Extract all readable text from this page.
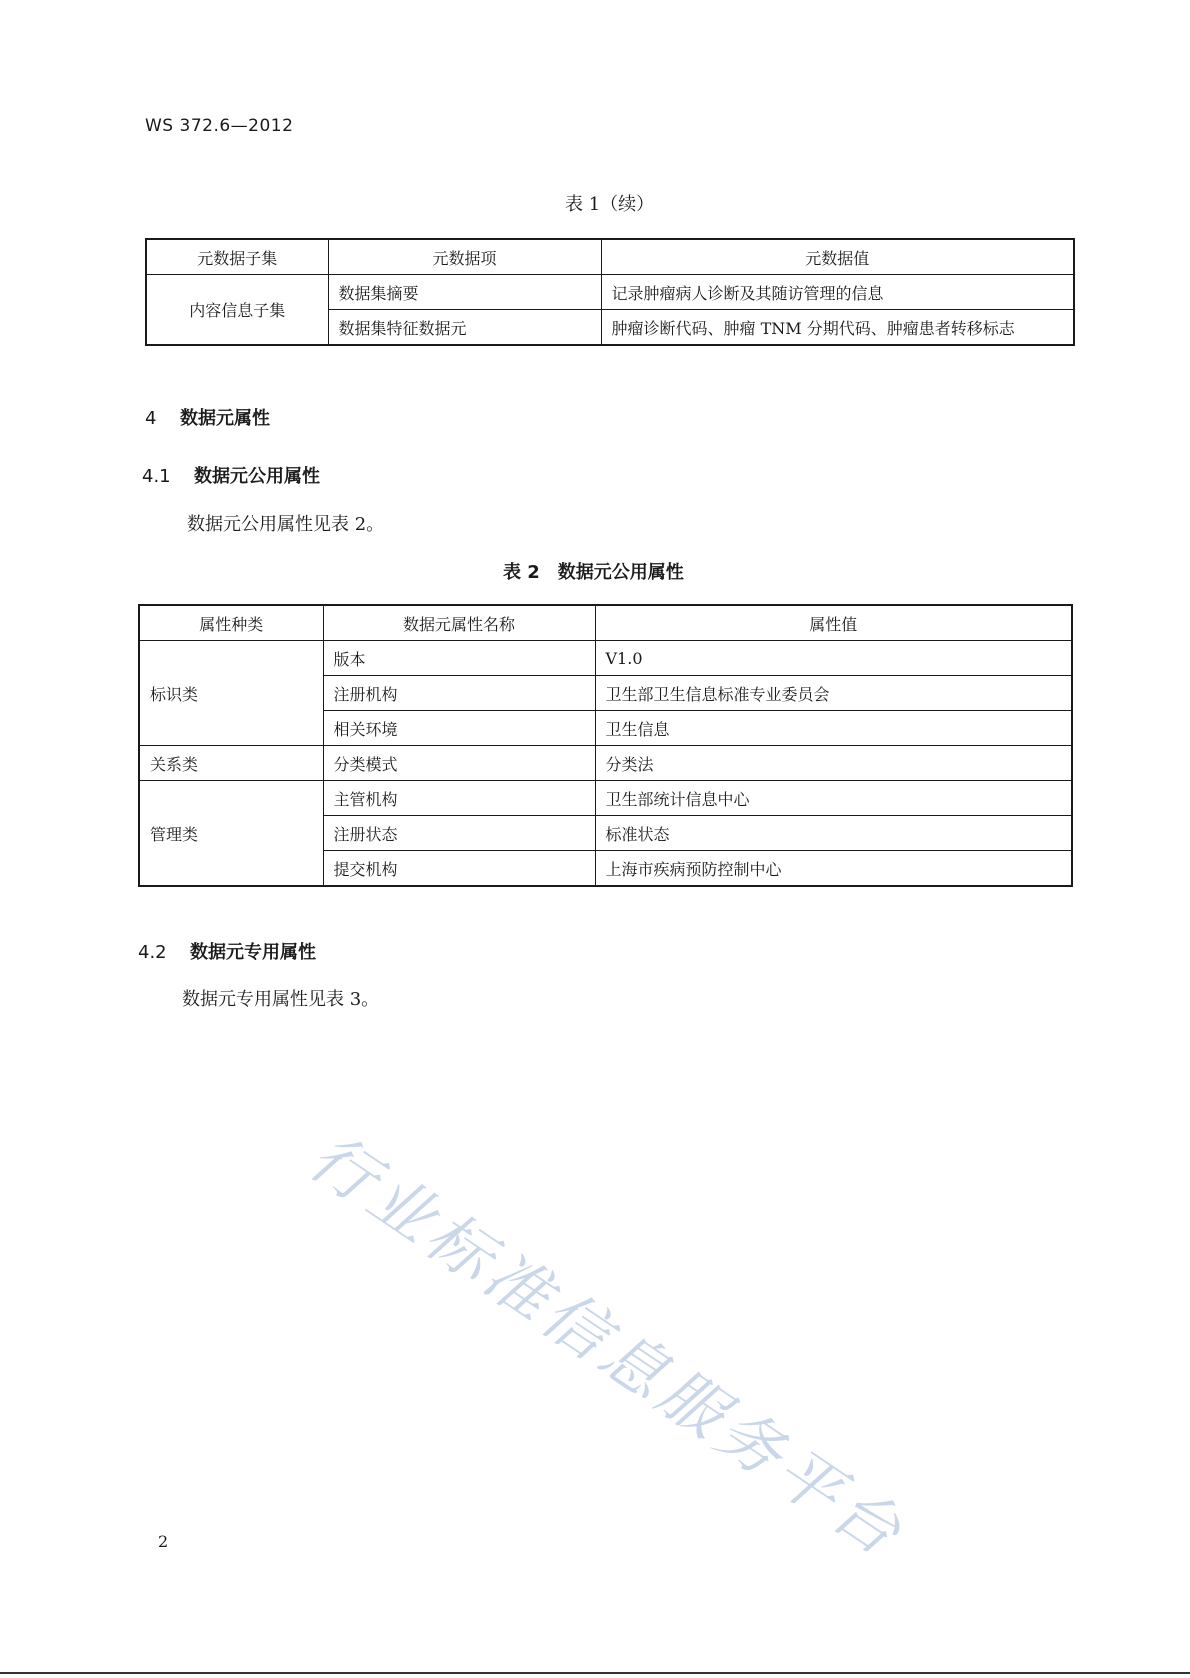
WS 372.6—2012
表 1（续）
元数据子集	元数据项	元数据值
内容信息子集	数据集摘要	记录肿瘤病人诊断及其随访管理的信息
	数据集特征数据元	肿瘤诊断代码、肿瘤 TNM 分期代码、肿瘤患者转移标志
4 数据元属性
4.1 数据元公用属性
数据元公用属性见表 2。
表 2　数据元公用属性
属性种类	数据元属性名称	属性值
标识类	版本	V1.0
	注册机构	卫生部卫生信息标准专业委员会
	相关环境	卫生信息
关系类	分类模式	分类法
管理类	主管机构	卫生部统计信息中心
	注册状态	标准状态
	提交机构	上海市疾病预防控制中心
4.2 数据元专用属性
数据元专用属性见表 3。
行业标准信息服务平台
2
